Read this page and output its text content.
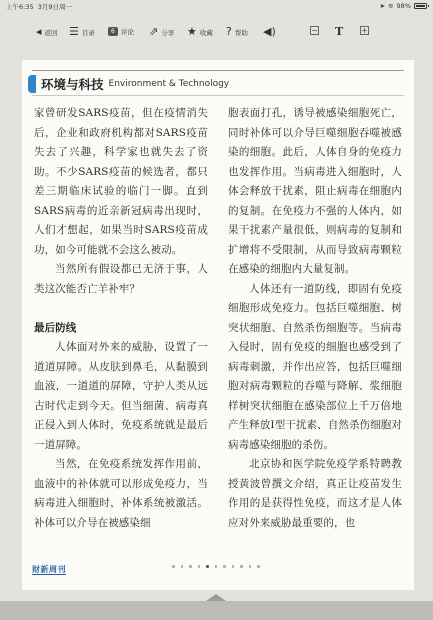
上午6:35 3月9日周一	➤ ≋ 98%
◂ 返回 ☰ 目录	6 评论 ⇗ 分享 ★ 收藏 ? 帮助 ◀)	− T +
环境与科技 Environment & Technology

家曾研发SARS疫苗，但在疫情消失后，企业和政府机构都对SARS疫苗失去了兴趣，科学家也就失去了资助。不少SARS疫苗的候选者，都只差三期临床试验的临门一脚。直到SARS病毒的近亲新冠病毒出现时，人们才想起，如果当时SARS疫苗成功，如今可能就不会这么被动。

当然所有假设都已无济于事，人类这次能否亡羊补牢？

最后防线

人体面对外来的威胁，设置了一道道屏障。从皮肤到鼻毛，从黏膜到血液，一道道的屏障，守护人类从远古时代走到今天。但当细菌、病毒真正侵入到人体时，免疫系统就是最后一道屏障。

当然，在免疫系统发挥作用前，血液中的补体就可以形成免疫力，当病毒进入细胞时，补体系统被激活。补体可以介导在被感染细

胞表面打孔，诱导被感染细胞死亡，同时补体可以介导巨噬细胞吞噬被感染的细胞。此后，人体自身的免疫力也发挥作用。当病毒进入细胞时，人体会释放干扰素，阻止病毒在细胞内的复制。在免疫力不强的人体内，如果干扰素产量很低，则病毒的复制和扩增将不受限制，从而导致病毒颗粒在感染的细胞内大量复制。

人体还有一道防线，即固有免疫细胞形成免疫力。包括巨噬细胞、树突状细胞、自然杀伤细胞等。当病毒入侵时，固有免疫的细胞也感受到了病毒刺激，并作出应答，包括巨噬细胞对病毒颗粒的吞噬与降解、浆细胞样树突状细胞在感染部位上千万倍地产生释放I型干扰素、自然杀伤细胞对病毒感染细胞的杀伤。

北京协和医学院免疫学系特聘教授黄波曾撰文介绍，真正让疫苗发生作用的是获得性免疫，而这才是人体应对外来威胁最重要的，也

财新周刊
